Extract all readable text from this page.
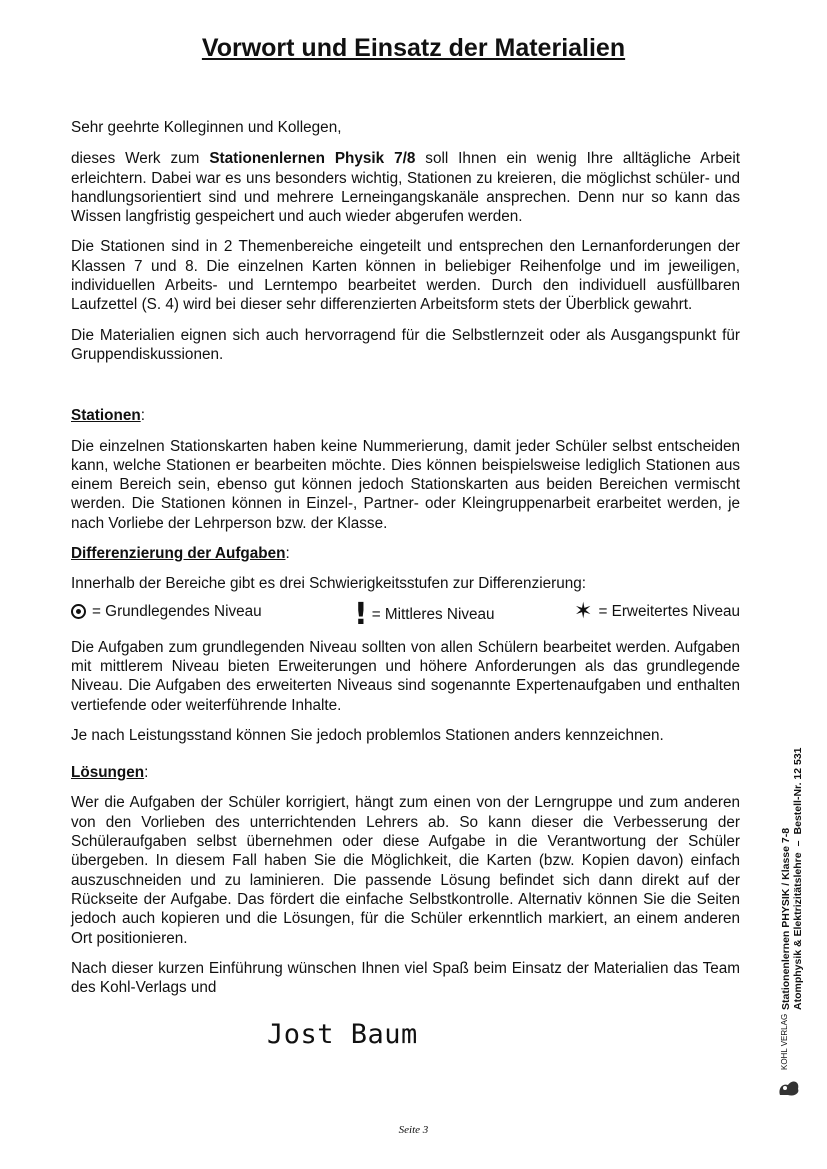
Vorwort und Einsatz der Materialien

Sehr geehrte Kolleginnen und Kollegen,

dieses Werk zum Stationenlernen Physik 7/8 soll Ihnen ein wenig Ihre alltägliche Arbeit erleichtern. Dabei war es uns besonders wichtig, Stationen zu kreieren, die möglichst schüler- und handlungsorientiert sind und mehrere Lerneingangskanäle ansprechen. Denn nur so kann das Wissen langfristig gespeichert und auch wieder abgerufen werden.

Die Stationen sind in 2 Themenbereiche eingeteilt und entsprechen den Lernanforderungen der Klassen 7 und 8. Die einzelnen Karten können in beliebiger Reihenfolge und im jeweiligen, individuellen Arbeits- und Lerntempo bearbeitet werden. Durch den individuell ausfüllbaren Laufzettel (S. 4) wird bei dieser sehr differenzierten Arbeitsform stets der Überblick gewahrt.

Die Materialien eignen sich auch hervorragend für die Selbstlernzeit oder als Ausgangspunkt für Gruppendiskussionen.

Stationen:

Die einzelnen Stationskarten haben keine Nummerierung, damit jeder Schüler selbst entscheiden kann, welche Stationen er bearbeiten möchte. Dies können beispielsweise lediglich Stationen aus einem Bereich sein, ebenso gut können jedoch Stationskarten aus beiden Bereichen vermischt werden. Die Stationen können in Einzel-, Partner- oder Kleingruppenarbeit erarbeitet werden, je nach Vorliebe der Lehrperson bzw. der Klasse.

Differenzierung der Aufgaben:

Innerhalb der Bereiche gibt es drei Schwierigkeitsstufen zur Differenzierung:

= Grundlegendes Niveau	! = Mittleres Niveau	✶ = Erweitertes Niveau

Die Aufgaben zum grundlegenden Niveau sollten von allen Schülern bearbeitet werden. Aufgaben mit mittlerem Niveau bieten Erweiterungen und höhere Anforderungen als das grundlegende Niveau. Die Aufgaben des erweiterten Niveaus sind sogenannte Expertenaufgaben und enthalten vertiefende oder weiterführende Inhalte.

Je nach Leistungsstand können Sie jedoch problemlos Stationen anders kennzeichnen.

Lösungen:

Wer die Aufgaben der Schüler korrigiert, hängt zum einen von der Lerngruppe und zum anderen von den Vorlieben des unterrichtenden Lehrers ab. So kann dieser die Verbesserung der Schüleraufgaben selbst übernehmen oder diese Aufgabe in die Verantwortung der Schüler übergeben. In diesem Fall haben Sie die Möglichkeit, die Karten (bzw. Kopien davon) einfach auszuschneiden und zu laminieren. Die passende Lösung befindet sich dann direkt auf der Rückseite der Aufgabe. Das fördert die einfache Selbstkontrolle. Alternativ können Sie die Seiten jedoch auch kopieren und die Lösungen, für die Schüler erkenntlich markiert, an einem anderen Ort positionieren.

Nach dieser kurzen Einführung wünschen Ihnen viel Spaß beim Einsatz der Materialien das Team des Kohl-Verlags und

Jost Baum
Seite 3
Stationenlernen PHYSIK / Klasse 7-8 Atomphysik & Elektrizitätslehre–Bestell-Nr. 12 531
KOHL VERLAG
